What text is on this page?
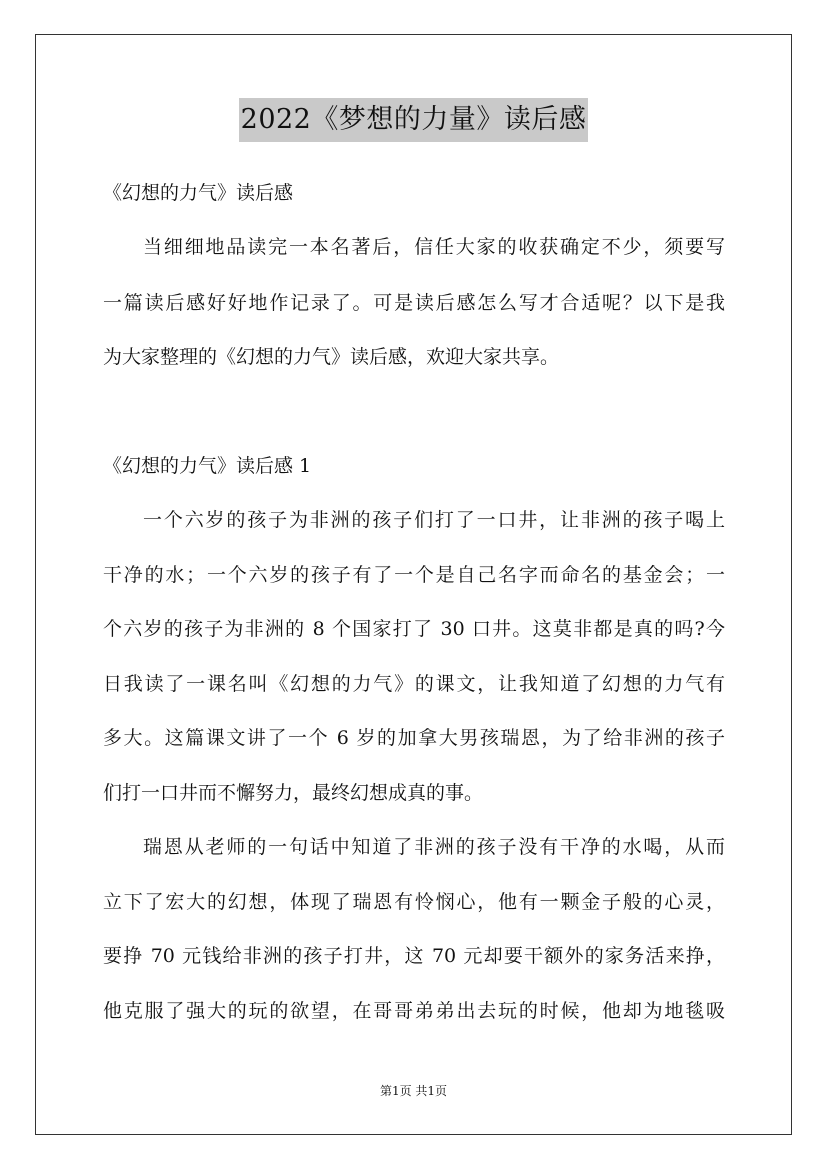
2022《梦想的力量》读后感

《幻想的力气》读后感

当细细地品读完一本名著后，信任大家的收获确定不少，须要写

一篇读后感好好地作记录了。可是读后感怎么写才合适呢？以下是我

为大家整理的《幻想的力气》读后感，欢迎大家共享。

《幻想的力气》读后感 1

一个六岁的孩子为非洲的孩子们打了一口井，让非洲的孩子喝上

干净的水；一个六岁的孩子有了一个是自己名字而命名的基金会；一

个六岁的孩子为非洲的 8 个国家打了 30 口井。这莫非都是真的吗?今

日我读了一课名叫《幻想的力气》的课文，让我知道了幻想的力气有

多大。这篇课文讲了一个 6 岁的加拿大男孩瑞恩，为了给非洲的孩子

们打一口井而不懈努力，最终幻想成真的事。

瑞恩从老师的一句话中知道了非洲的孩子没有干净的水喝，从而

立下了宏大的幻想，体现了瑞恩有怜悯心，他有一颗金子般的心灵，

要挣 70 元钱给非洲的孩子打井，这 70 元却要干额外的家务活来挣，

他克服了强大的玩的欲望，在哥哥弟弟出去玩的时候，他却为地毯吸

第1页 共1页
